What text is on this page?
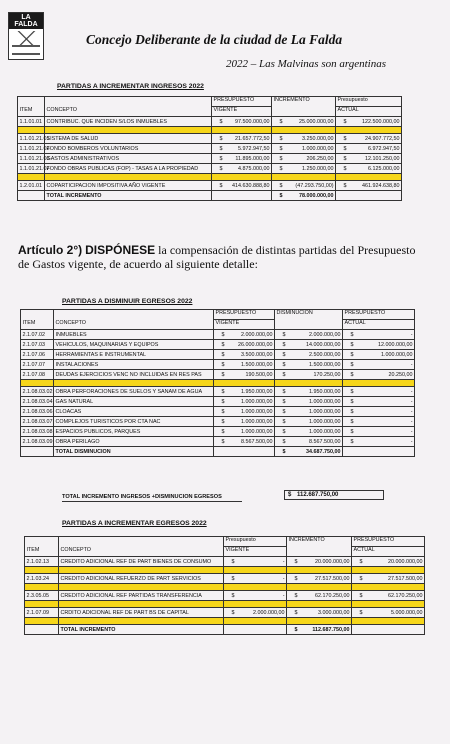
LA FALDA
Concejo Deliberante de la ciudad de La Falda
2022 – Las Malvinas son argentinas
PARTIDAS A INCREMENTAR INGRESOS 2022
		PRESUPUESTO	INCREMENTO	Presupuesto
ITEM	CONCEPTO	VIGENTE		ACTUAL
1.1.01.01	CONTRIBUC. QUE INCIDEN S/LOS INMUEBLES	$ 97.500.000,00	$ 25.000.000,00	$ 122.500.000,00

1.1.01.21.01	SISTEMA DE SALUD	$ 21.657.772,50	$ 3.250.000,00	$ 24.907.772,50
1.1.01.21.02	FONDO BOMBEROS VOLUNTARIOS	$ 5.972.947,50	$ 1.000.000,00	$ 6.972.947,50
1.1.01.21.03	GASTOS ADMINISTRATIVOS	$ 11.895.000,00	$ 206.250,00	$ 12.101.250,00
1.1.01.21.07	FONDO OBRAS PUBLICAS (FOP) - TASAS A LA PROPIEDAD	$ 4.875.000,00	$ 1.250.000,00	$ 6.125.000,00

1.2.01.01	COPARTICIPACION IMPOSITIVA AÑO VIGENTE	$ 414.630.888,80	$ (47.293.750,00)	$ 461.924.638,80
	TOTAL INCREMENTO		$ 78.000.000,00	
Artículo 2°) DISPÓNESE la compensación de distintas partidas del Presupuesto de Gastos vigente, de acuerdo al siguiente detalle:
PARTIDAS A DISMINUIR EGRESOS 2022
		PRESUPUESTO	DISMINUCION	PRESUPUESTO
ITEM	CONCEPTO	VIGENTE		ACTUAL
2.1.07.02	INMUEBLES	$ 2.000.000,00	$ 2.000.000,00	$ -
2.1.07.03	VEHICULOS, MAQUINARIAS Y EQUIPOS	$ 26.000.000,00	$ 14.000.000,00	$ 12.000.000,00
2.1.07.06	HERRAMIENTAS E INSTRUMENTAL	$ 3.500.000,00	$ 2.500.000,00	$ 1.000.000,00
2.1.07.07	INSTALACIONES	$ 1.500.000,00	$ 1.500.000,00	$ -
2.1.07.08	DEUDAS EJERCICIOS VENC NO INCLUIDAS EN RES PAS	$ 190.500,00	$ 170.250,00	$ 20.250,00

2.1.08.03.02	OBRA PERFORACIONES DE SUELOS Y SANAM DE AGUA	$ 1.950.000,00	$ 1.950.000,00	$ -
2.1.08.03.04	GAS NATURAL	$ 1.000.000,00	$ 1.000.000,00	$ -
2.1.08.03.06	CLOACAS	$ 1.000.000,00	$ 1.000.000,00	$ -
2.1.08.03.07	COMPLEJOS TURISTICOS POR CTA NAC	$ 1.000.000,00	$ 1.000.000,00	$ -
2.1.08.03.08	ESPACIOS PUBLICOS, PARQUES	$ 1.000.000,00	$ 1.000.000,00	$ -
2.1.08.03.09	OBRA PERILAGO	$ 8.567.500,00	$ 8.567.500,00	$ -
	TOTAL DISMINUCION		$ 34.687.750,00	
TOTAL INCREMENTO INGRESOS +DISMINUCION EGRESOS	$ 112.687.750,00
PARTIDAS A INCREMENTAR EGRESOS 2022
		Presupuesto	INCREMENTO	PRESUPUESTO
ITEM	CONCEPTO	VIGENTE		ACTUAL
2.1.02.13	CREDITO ADICIONAL REF DE PART BIENES DE CONSUMO	$ -	$ 20.000.000,00	$ 20.000.000,00

2.1.03.24	CREDITO ADICIONAL REFUERZO DE PART SERVICIOS	$ -	$ 27.517.500,00	$ 27.517.500,00

2.3.05.05	CREDITO ADICIONAL REF PARTIDAS TRANSFERENCIA	$ -	$ 62.170.250,00	$ 62.170.250,00

2.1.07.09	CRDITO ADICIONAL REF DE PART BS DE CAPITAL	$ 2.000.000,00	$ 3.000.000,00	$ 5.000.000,00

	TOTAL INCREMENTO		$ 112.687.750,00	
